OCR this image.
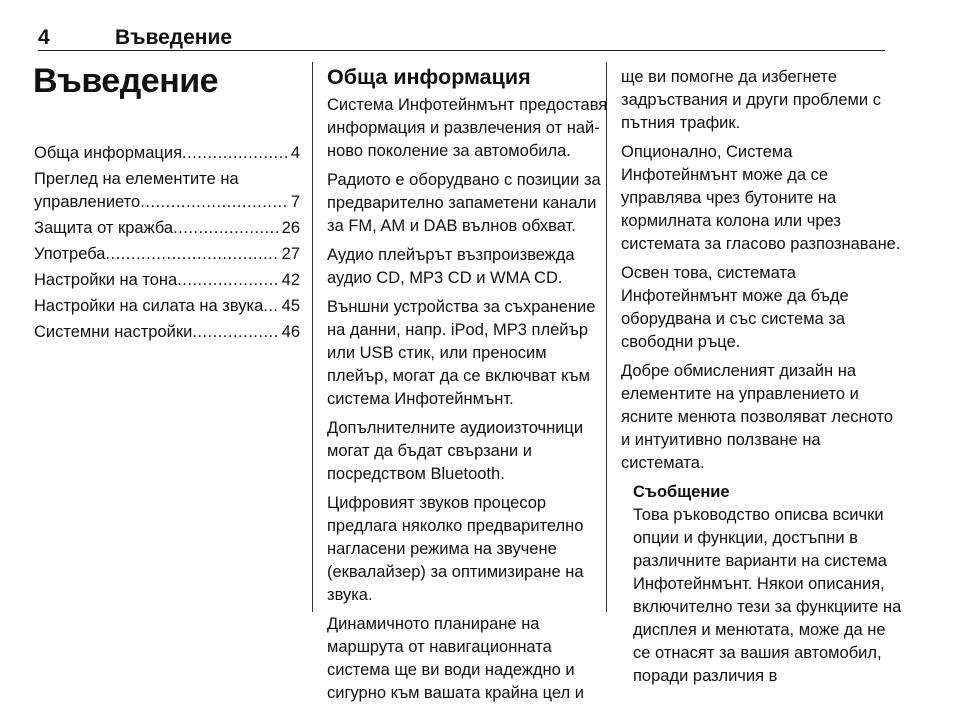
4	Въведение
Въведение
Обща информация .....	4
Преглед на елементите на
управлението .....	7
Защита от кражба .....	26
Употреба .....	27
Настройки на тона .....	42
Настройки на силата на звука ..... 45
Системни настройки .....	46
Обща информация

Система Инфотейнмънт предоставя информация и развлечения от най-ново поколение за автомобила.

Радиото е оборудвано с позиции за предварително запаметени канали за FM, AM и DAB вълнов обхват.

Аудио плейърът възпроизвежда аудио CD, MP3 CD и WMA CD.

Външни устройства за съхранение на данни, напр. iPod, MP3 плейър или USB стик, или преносим плейър, могат да се включват към система Инфотейнмънт.

Допълнителните аудиоизточници могат да бъдат свързани и посредством Bluetooth.

Цифровият звуков процесор предлага няколко предварително нагласени режима на звучене (еквалайзер) за оптимизиране на звука.

Динамичното планиране на маршрута от навигационната система ще ви води надеждно и сигурно към вашата крайна цел и

ще ви помогне да избегнете задръствания и други проблеми с пътния трафик.

Опционално, Система Инфотейнмънт може да се управлява чрез бутоните на кормилната колона или чрез системата за гласово разпознаване.

Освен това, системата Инфотейнмънт може да бъде оборудвана и със система за свободни ръце.

Добре обмисленият дизайн на елементите на управлението и ясните менюта позволяват лесното и интуитивно ползване на системата.

Съобщение
Това ръководство описва всички опции и функции, достъпни в различните варианти на система Инфотейнмънт. Някои описания, включително тези за функциите на дисплея и менютата, може да не се отнасят за вашия автомобил, поради различия в
